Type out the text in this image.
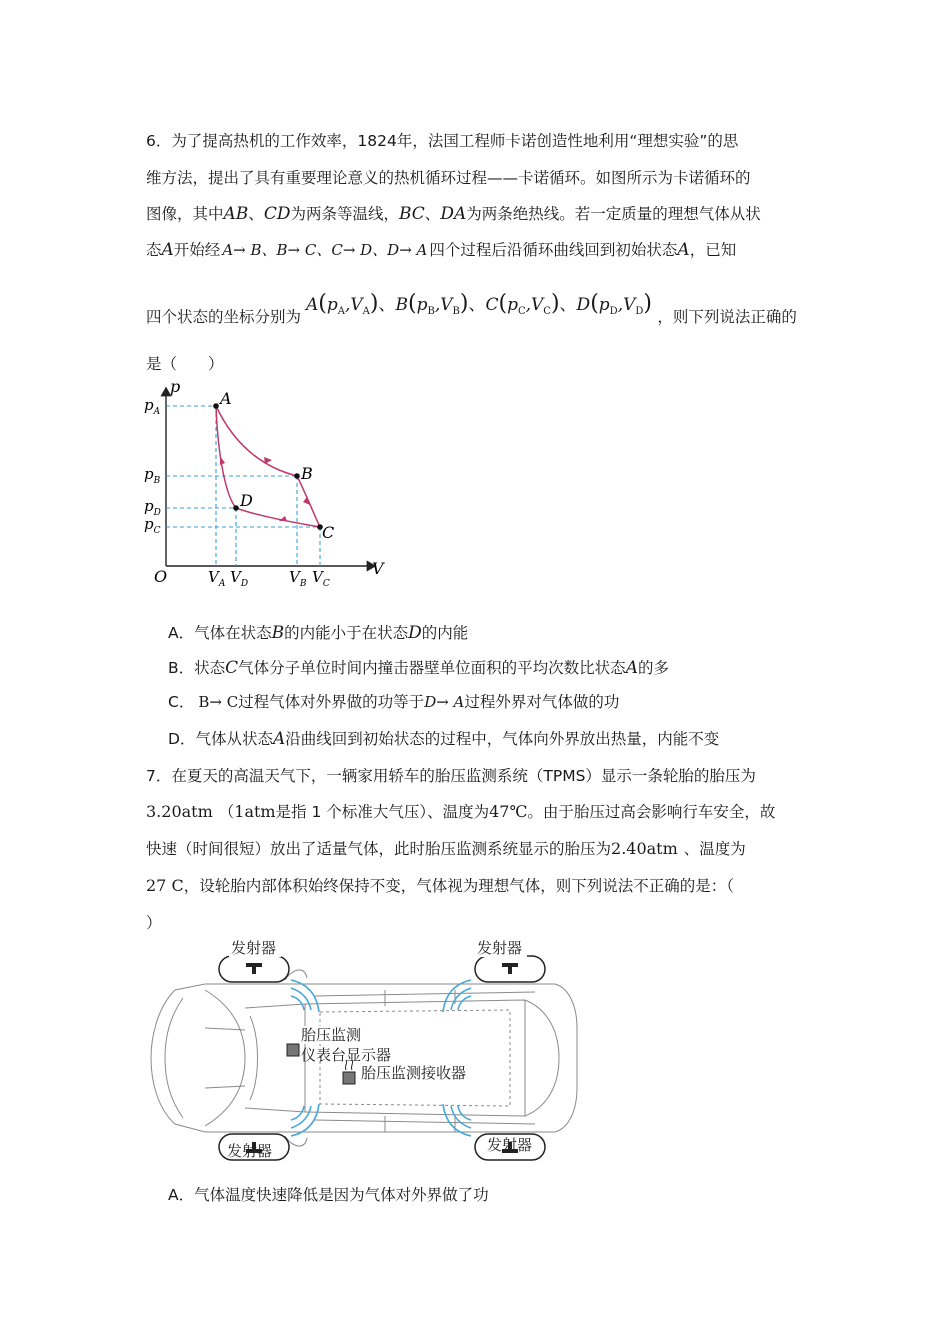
6．为了提高热机的工作效率，1824年，法国工程师卡诺创造性地利用“理想实验”的思
维方法，提出了具有重要理论意义的热机循环过程——卡诺循环。如图所示为卡诺循环的
图像，其中AB、CD为两条等温线，BC、DA为两条绝热线。若一定质量的理想气体从状
态A开始经 A→ B、B→ C、C→ D、D→ A 四个过程后沿循环曲线回到初始状态A，已知
四个状态的坐标分别为 $A(p_A,V_A)$、$B(p_B,V_B)$、$C(p_C,V_C)$、$D(p_D,V_D)$ ，则下列说法正确的
是（　　）
p
V
O
A
B
C
D
$p_A$
$p_B$
$p_D$
$p_C$
$V_A$ $V_D$	$V_B$ $V_C$
A．气体在状态B的内能小于在状态D的内能
B．状态C气体分子单位时间内撞击器壁单位面积的平均次数比状态A的多
C． B→ C过程气体对外界做的功等于D→ A过程外界对气体做的功
D．气体从状态A沿曲线回到初始状态的过程中，气体向外界放出热量，内能不变
7．在夏天的高温天气下，一辆家用轿车的胎压监测系统（TPMS）显示一条轮胎的胎压为
3.20atm （1atm是指 1 个标准大气压）、温度为47℃。由于胎压过高会影响行车安全，故
快速（时间很短）放出了适量气体，此时胎压监测系统显示的胎压为2.40atm 、温度为
27 C，设轮胎内部体积始终保持不变，气体视为理想气体，则下列说法不正确的是：（
）
发射器	发射器
发射器	发射器
胎压监测
仪表台显示器
胎压监测接收器
A．气体温度快速降低是因为气体对外界做了功
